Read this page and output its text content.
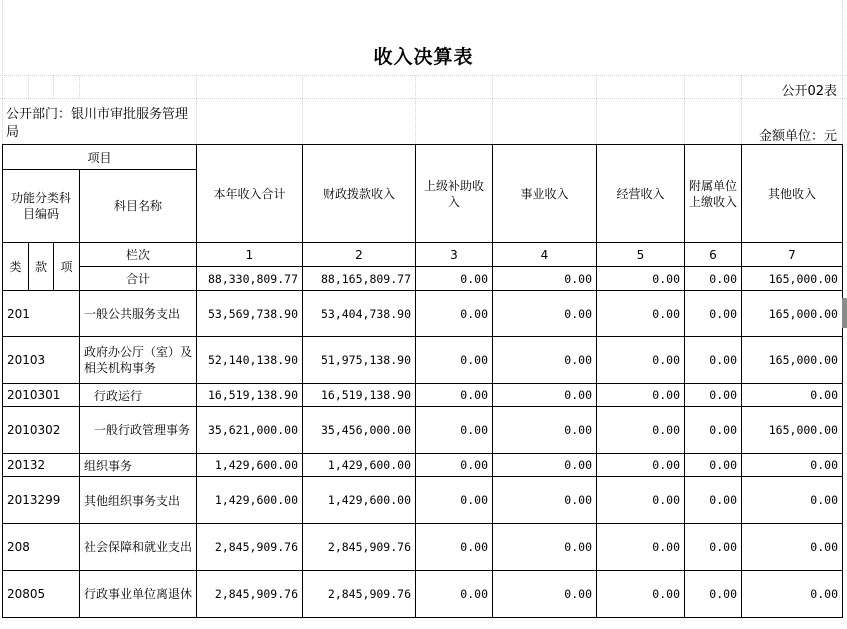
收入决算表
公开02表
公开部门：银川市审批服务管理局	金额单位：元
项目				本年收入合计	财政拨款收入	上级补助收入	事业收入	经营收入	附属单位上缴收入	其他收入
功能分类科目编码			科目名称							

类	款	项	栏次	1	2	3	4	5	6	7
			合计	88,330,809.77	88,165,809.77	0.00	0.00	0.00	0.00	165,000.00
201			一般公共服务支出	53,569,738.90	53,404,738.90	0.00	0.00	0.00	0.00	165,000.00
20103			政府办公厅（室）及相关机构事务	52,140,138.90	51,975,138.90	0.00	0.00	0.00	0.00	165,000.00
2010301			行政运行	16,519,138.90	16,519,138.90	0.00	0.00	0.00	0.00	0.00
2010302			一般行政管理事务	35,621,000.00	35,456,000.00	0.00	0.00	0.00	0.00	165,000.00
20132			组织事务	1,429,600.00	1,429,600.00	0.00	0.00	0.00	0.00	0.00
2013299			其他组织事务支出	1,429,600.00	1,429,600.00	0.00	0.00	0.00	0.00	0.00
208			社会保障和就业支出	2,845,909.76	2,845,909.76	0.00	0.00	0.00	0.00	0.00
20805			行政事业单位离退休	2,845,909.76	2,845,909.76	0.00	0.00	0.00	0.00	0.00
